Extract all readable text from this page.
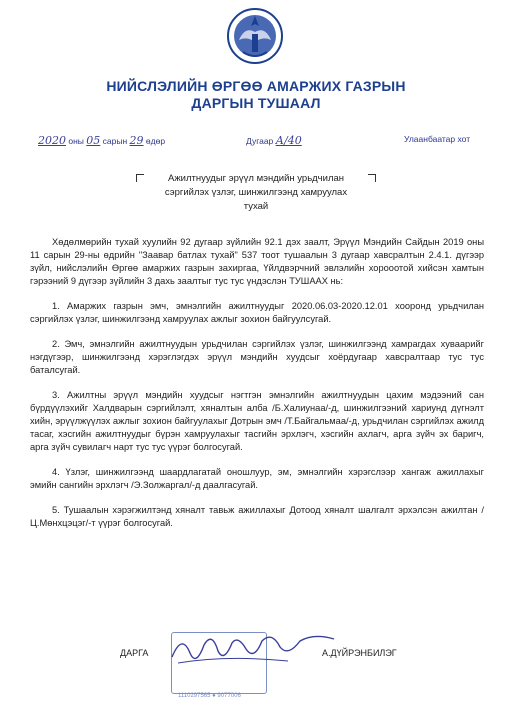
НИЙСЛЭЛИЙН ӨРГӨӨ АМАРЖИХ ГАЗРЫН
ДАРГЫН ТУШААЛ
2020 оны 05 сарын 29 өдөр	Дугаар А/40	Улаанбаатар хот
Ажилтнуудыг эрүүл мэндийн урьдчилан
сэргийлэх үзлэг, шинжилгээнд хамруулах
тухай

Хөдөлмөрийн тухай хуулийн 92 дугаар зүйлийн 92.1 дэх заалт, Эрүүл Мэндийн Сайдын 2019 оны 11 сарын 29-ны өдрийн "Заавар батлах тухай" 537 тоот тушаалын 3 дугаар хавсралтын 2.4.1. дүгээр зүйл, нийслэлийн Өргөө амаржих газрын захиргаа, Үйлдвэрчний эвлэлийн хорооотой хийсэн хамтын гэрээний 9 дүгээр зүйлийн 3 дахь заалтыг тус тус үндэслэн ТУШААХ нь:

1. Амаржих газрын эмч, эмнэлгийн ажилтнуудыг 2020.06.03-2020.12.01 хооронд урьдчилан сэргийлэх үзлэг, шинжилгээнд хамруулах ажлыг зохион байгуулсугай.

2. Эмч, эмнэлгийн ажилтнуудын урьдчилан сэргийлэх үзлэг, шинжилгээнд хамрагдах хуваарийг нэгдүгээр, шинжилгээнд хэрэглэгдэх эрүүл мэндийн хуудсыг хоёрдугаар хавсралтаар тус тус баталсугай.

3. Ажилтны эрүүл мэндийн хуудсыг нэгтгэн эмнэлгийн ажилтнуудын цахим мэдээний сан бүрдүүлэхийг Халдварын сэргийлэлт, хяналтын алба /Б.Халиунаа/-д, шинжилгээний хариунд дүгнэлт хийн, эрүүлжүүлэх ажлыг зохион байгуулахыг Дотрын эмч /Т.Байгальмаа/-д, урьдчилан сэргийлэх ажилд тасаг, хэсгийн ажилтнуудыг бүрэн хамруулахыг тасгийн эрхлэгч, хэсгийн ахлагч, арга зүйч эх баригч, арга зүйч сувилагч нарт тус тус үүрэг болгосугай.

4. Үзлэг, шинжилгээнд шаардлагатай оношлуур, эм, эмнэлгийн хэрэгслээр хангаж ажиллахыг эмийн сангийн эрхлэгч /Э.Золжаргал/-д даалгасугай.

5. Тушаалын хэрэгжилтэнд хяналт тавьж ажиллахыг Дотоод хяналт шалгалт эрхэлсэн ажилтан /Ц.Мөнхцэцэг/-т үүрэг болгосугай.

1110297565 ● 9077006
ДАРГА	А.ДҮЙРЭНБИЛЭГ
